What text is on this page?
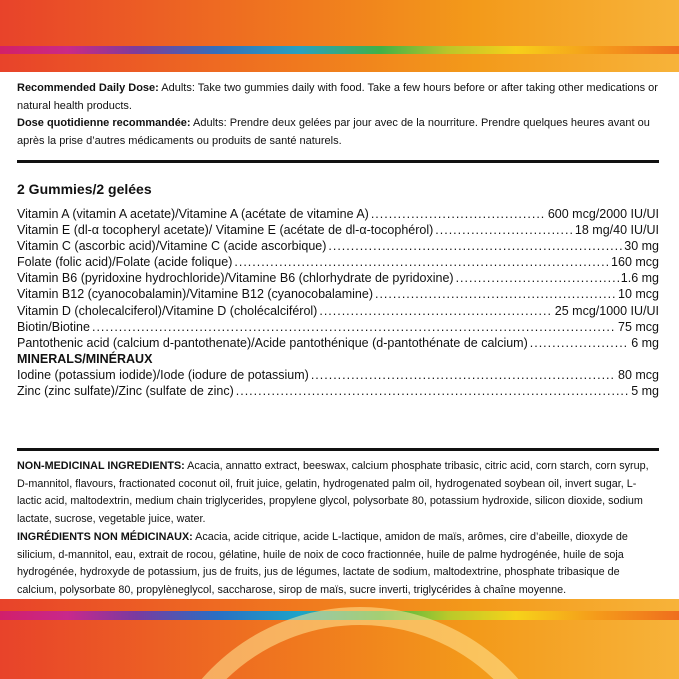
Recommended Daily Dose: Adults: Take two gummies daily with food. Take a few hours before or after taking other medications or natural health products.
Dose quotidienne recommandée: Adults: Prendre deux gelées par jour avec de la nourriture. Prendre quelques heures avant ou après la prise d’autres médicaments ou produits de santé naturels.
2 Gummies/2 gelées
Vitamin A (vitamin A acetate)/Vitamine A (acétate de vitamine A) .....	600 mcg/2000 IU/UI
Vitamin E (dl-α tocopheryl acetate)/ Vitamine E (acétate de dl-α-tocophérol) .....	18 mg/40 IU/UI
Vitamin C (ascorbic acid)/Vitamine C (acide ascorbique) .....	30 mg
Folate (folic acid)/Folate (acide folique) .....	160 mcg
Vitamin B6 (pyridoxine hydrochloride)/Vitamine B6 (chlorhydrate de pyridoxine) .....	1.6 mg
Vitamin B12 (cyanocobalamin)/Vitamine B12 (cyanocobalamine) .....	10 mcg
Vitamin D (cholecalciferol)/Vitamine D (cholécalciférol) .....	25 mcg/1000 IU/UI
Biotin/Biotine .....	75 mcg
Pantothenic acid (calcium d-pantothenate)/Acide pantothénique (d-pantothénate de calcium) .....	6 mg
MINERALS/MINÉRAUX
Iodine (potassium iodide)/Iode (iodure de potassium) .....	80 mcg
Zinc (zinc sulfate)/Zinc (sulfate de zinc) .....	5 mg
NON-MEDICINAL INGREDIENTS: Acacia, annatto extract, beeswax, calcium phosphate tribasic, citric acid, corn starch, corn syrup, D-mannitol, flavours, fractionated coconut oil, fruit juice, gelatin, hydrogenated palm oil, hydrogenated soybean oil, invert sugar, L-lactic acid, maltodextrin, medium chain triglycerides, propylene glycol, polysorbate 80, potassium hydroxide, silicon dioxide, sodium lactate, sucrose, vegetable juice, water.
INGRÉDIENTS NON MÉDICINAUX: Acacia, acide citrique, acide L-lactique, amidon de maïs, arômes, cire d’abeille, dioxyde de silicium, d-mannitol, eau, extrait de rocou, gélatine, huile de noix de coco fractionnée, huile de palme hydrogénée, huile de soja hydrogénée, hydroxyde de potassium, jus de fruits, jus de légumes, lactate de sodium, maltodextrine, phosphate tribasique de calcium, polysorbate 80, propylèneglycol, saccharose, sirop de maïs, sucre inverti, triglycérides à chaîne moyenne.
